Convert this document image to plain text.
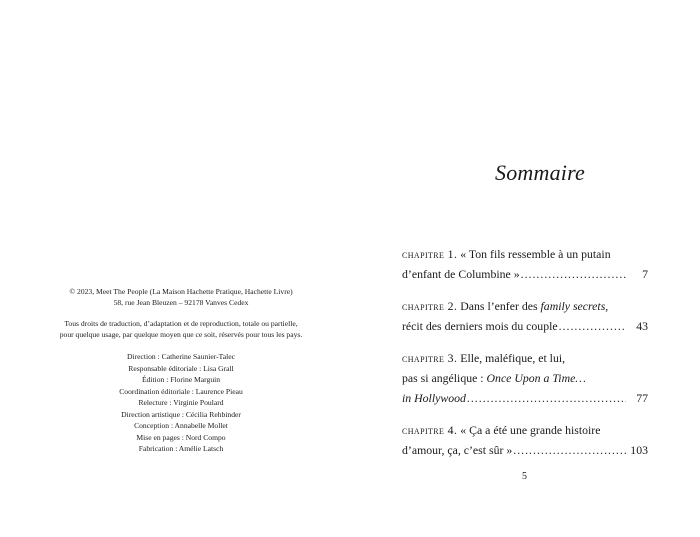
© 2023, Meet The People (La Maison Hachette Pratique, Hachette Livre)
58, rue Jean Bleuzen – 92178 Vanves Cedex
Tous droits de traduction, d’adaptation et de reproduction, totale ou partielle,
pour quelque usage, par quelque moyen que ce soit, réservés pour tous les pays.
Direction : Catherine Saunier-Talec
Responsable éditoriale : Lisa Grall
Édition : Florine Marguin
Coordination éditoriale : Laurence Pieau
Relecture : Virginie Poulard
Direction artistique : Cécilia Rehbinder
Conception : Annabelle Mollet
Mise en pages : Nord Compo
Fabrication : Amélie Latsch
Sommaire
chapitre 1. « Ton fils ressemble à un putain
d’enfant de Columbine » .....	7
chapitre 2. Dans l’enfer des family secrets,
récit des derniers mois du couple .....	43
chapitre 3. Elle, maléfique, et lui,
pas si angélique : Once Upon a Time…
in Hollywood .....	77
chapitre 4. « Ça a été une grande histoire
d’amour, ça, c’est sûr » .....	103
5
